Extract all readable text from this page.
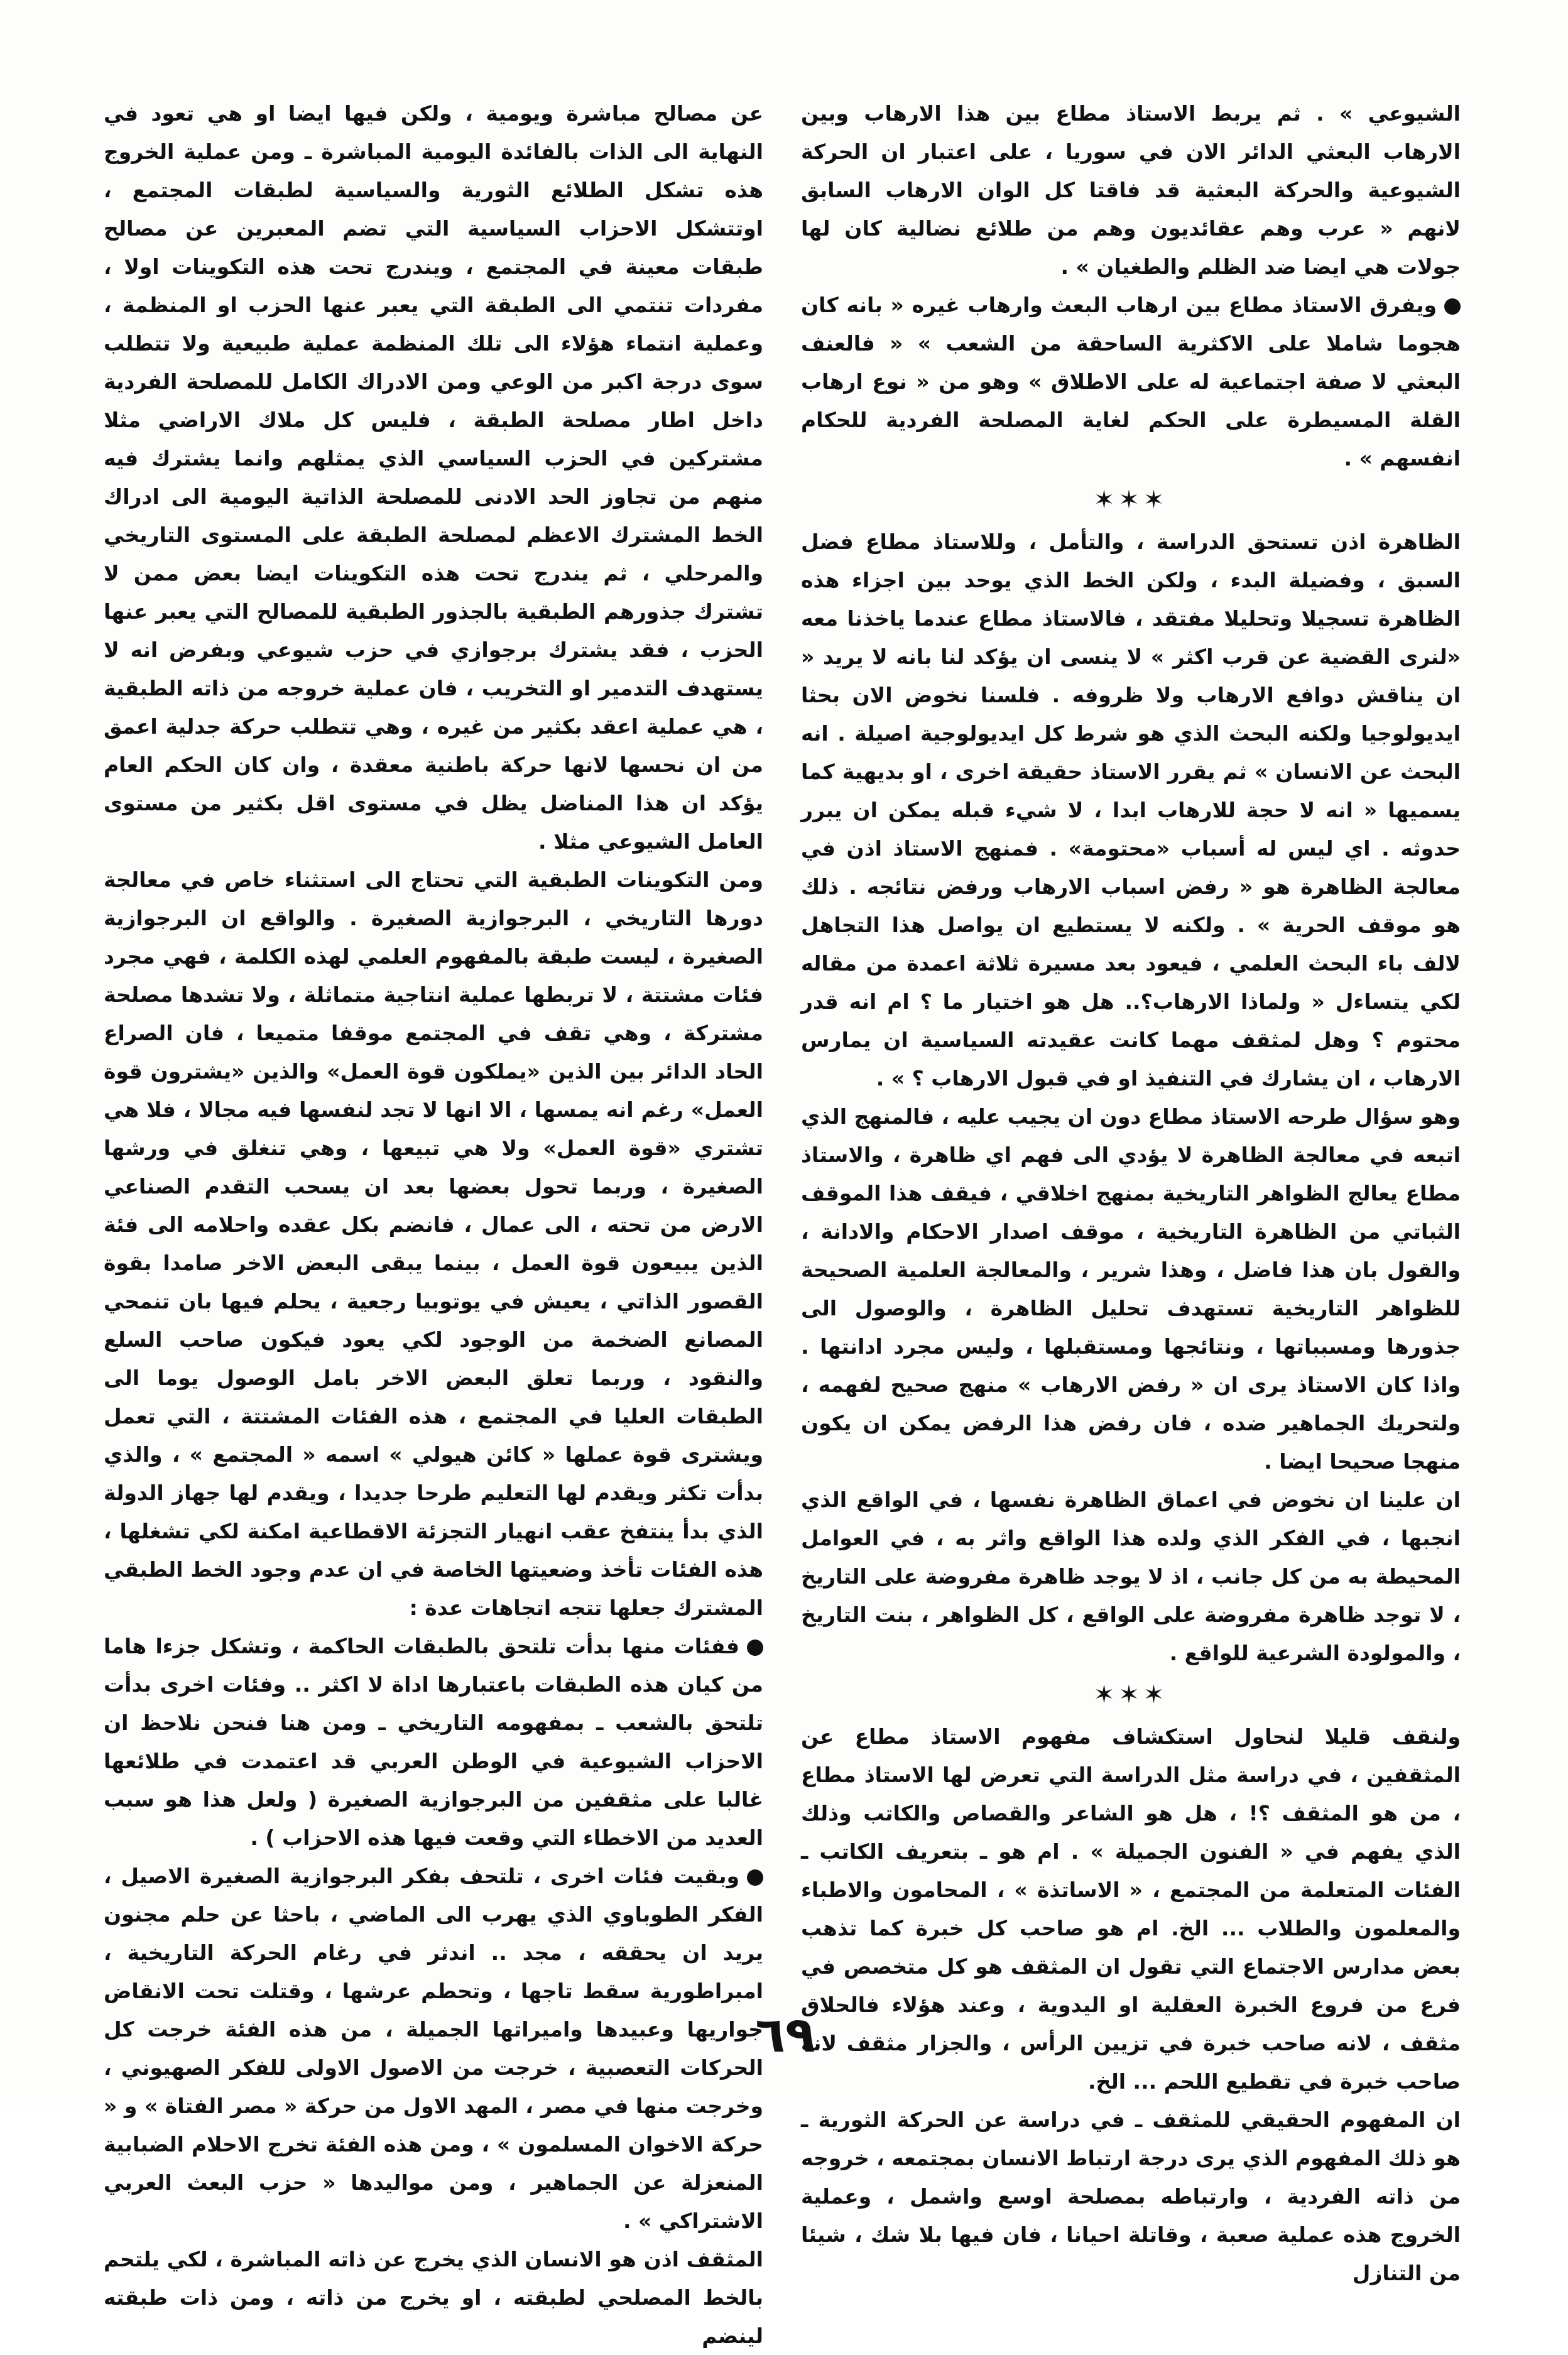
الشيوعي » . ثم يربط الاستاذ مطاع بين هذا الارهاب وبين الارهاب البعثي الدائر الان في سوريا ، على اعتبار ان الحركة الشيوعية والحركة البعثية قد فاقتا كل الوان الارهاب السابق لانهم « عرب وهم عقائديون وهم من طلائع نضالية كان لها جولات هي ايضا ضد الظلم والطغيان » .

ويفرق الاستاذ مطاع بين ارهاب البعث وارهاب غيره « بانه كان هجوما شاملا على الاكثرية الساحقة من الشعب » « فالعنف البعثي لا صفة اجتماعية له على الاطلاق » وهو من « نوع ارهاب القلة المسيطرة على الحكم لغاية المصلحة الفردية للحكام انفسهم » .

✶✶✶

الظاهرة اذن تستحق الدراسة ، والتأمل ، وللاستاذ مطاع فضل السبق ، وفضيلة البدء ، ولكن الخط الذي يوحد بين اجزاء هذه الظاهرة تسجيلا وتحليلا مفتقد ، فالاستاذ مطاع عندما ياخذنا معه «لنرى القضية عن قرب اكثر » لا ينسى ان يؤكد لنا بانه لا يريد « ان يناقش دوافع الارهاب ولا ظروفه . فلسنا نخوض الان بحثا ايديولوجيا ولكنه البحث الذي هو شرط كل ايديولوجية اصيلة . انه البحث عن الانسان » ثم يقرر الاستاذ حقيقة اخرى ، او بديهية كما يسميها « انه لا حجة للارهاب ابدا ، لا شيء قبله يمكن ان يبرر حدوثه . اي ليس له أسباب «محتومة» . فمنهج الاستاذ اذن في معالجة الظاهرة هو « رفض اسباب الارهاب ورفض نتائجه . ذلك هو موقف الحرية » . ولكنه لا يستطيع ان يواصل هذا التجاهل لالف باء البحث العلمي ، فيعود بعد مسيرة ثلاثة اعمدة من مقاله لكي يتساءل « ولماذا الارهاب؟.. هل هو اختيار ما ؟ ام انه قدر محتوم ؟ وهل لمثقف مهما كانت عقيدته السياسية ان يمارس الارهاب ، ان يشارك في التنفيذ او في قبول الارهاب ؟ » .

وهو سؤال طرحه الاستاذ مطاع دون ان يجيب عليه ، فالمنهج الذي اتبعه في معالجة الظاهرة لا يؤدي الى فهم اي ظاهرة ، والاستاذ مطاع يعالج الظواهر التاريخية بمنهج اخلاقي ، فيقف هذا الموقف الثباتي من الظاهرة التاريخية ، موقف اصدار الاحكام والادانة ، والقول بان هذا فاضل ، وهذا شرير ، والمعالجة العلمية الصحيحة للظواهر التاريخية تستهدف تحليل الظاهرة ، والوصول الى جذورها ومسبباتها ، ونتائجها ومستقبلها ، وليس مجرد ادانتها . واذا كان الاستاذ يرى ان « رفض الارهاب » منهج صحيح لفهمه ، ولتحريك الجماهير ضده ، فان رفض هذا الرفض يمكن ان يكون منهجا صحيحا ايضا .

ان علينا ان نخوض في اعماق الظاهرة نفسها ، في الواقع الذي انجبها ، في الفكر الذي ولده هذا الواقع واثر به ، في العوامل المحيطة به من كل جانب ، اذ لا يوجد ظاهرة مفروضة على التاريخ ، لا توجد ظاهرة مفروضة على الواقع ، كل الظواهر ، بنت التاريخ ، والمولودة الشرعية للواقع .

✶✶✶

ولنقف قليلا لنحاول استكشاف مفهوم الاستاذ مطاع عن المثقفين ، في دراسة مثل الدراسة التي تعرض لها الاستاذ مطاع ، من هو المثقف ؟! ، هل هو الشاعر والقصاص والكاتب وذلك الذي يفهم في « الفنون الجميلة » . ام هو ـ بتعريف الكاتب ـ الفئات المتعلمة من المجتمع ، « الاساتذة » ، المحامون والاطباء والمعلمون والطلاب ... الخ. ام هو صاحب كل خبرة كما تذهب بعض مدارس الاجتماع التي تقول ان المثقف هو كل متخصص في فرع من فروع الخبرة العقلية او اليدوية ، وعند هؤلاء فالحلاق مثقف ، لانه صاحب خبرة في تزيين الرأس ، والجزار مثقف لانه صاحب خبرة في تقطيع اللحم ... الخ.

ان المفهوم الحقيقي للمثقف ـ في دراسة عن الحركة الثورية ـ هو ذلك المفهوم الذي يرى درجة ارتباط الانسان بمجتمعه ، خروجه من ذاته الفردية ، وارتباطه بمصلحة اوسع واشمل ، وعملية الخروج هذه عملية صعبة ، وقاتلة احيانا ، فان فيها بلا شك ، شيئا من التنازل

عن مصالح مباشرة ويومية ، ولكن فيها ايضا او هي تعود في النهاية الى الذات بالفائدة اليومية المباشرة ـ ومن عملية الخروج هذه تشكل الطلائع الثورية والسياسية لطبقات المجتمع ، اوتتشكل الاحزاب السياسية التي تضم المعبرين عن مصالح طبقات معينة في المجتمع ، ويندرج تحت هذه التكوينات اولا ، مفردات تنتمي الى الطبقة التي يعبر عنها الحزب او المنظمة ، وعملية انتماء هؤلاء الى تلك المنظمة عملية طبيعية ولا تتطلب سوى درجة اكبر من الوعي ومن الادراك الكامل للمصلحة الفردية داخل اطار مصلحة الطبقة ، فليس كل ملاك الاراضي مثلا مشتركين في الحزب السياسي الذي يمثلهم وانما يشترك فيه منهم من تجاوز الحد الادنى للمصلحة الذاتية اليومية الى ادراك الخط المشترك الاعظم لمصلحة الطبقة على المستوى التاريخي والمرحلي ، ثم يندرج تحت هذه التكوينات ايضا بعض ممن لا تشترك جذورهم الطبقية بالجذور الطبقية للمصالح التي يعبر عنها الحزب ، فقد يشترك برجوازي في حزب شيوعي وبفرض انه لا يستهدف التدمير او التخريب ، فان عملية خروجه من ذاته الطبقية ، هي عملية اعقد بكثير من غيره ، وهي تتطلب حركة جدلية اعمق من ان نحسها لانها حركة باطنية معقدة ، وان كان الحكم العام يؤكد ان هذا المناضل يظل في مستوى اقل بكثير من مستوى العامل الشيوعي مثلا .

ومن التكوينات الطبقية التي تحتاج الى استثناء خاص في معالجة دورها التاريخي ، البرجوازية الصغيرة . والواقع ان البرجوازية الصغيرة ، ليست طبقة بالمفهوم العلمي لهذه الكلمة ، فهي مجرد فئات مشتتة ، لا تربطها عملية انتاجية متماثلة ، ولا تشدها مصلحة مشتركة ، وهي تقف في المجتمع موقفا متميعا ، فان الصراع الحاد الدائر بين الذين «يملكون قوة العمل» والذين «يشترون قوة العمل» رغم انه يمسها ، الا انها لا تجد لنفسها فيه مجالا ، فلا هي تشتري «قوة العمل» ولا هي تبيعها ، وهي تنغلق في ورشها الصغيرة ، وربما تحول بعضها بعد ان يسحب التقدم الصناعي الارض من تحته ، الى عمال ، فانضم بكل عقده واحلامه الى فئة الذين يبيعون قوة العمل ، بينما يبقى البعض الاخر صامدا بقوة القصور الذاتي ، يعيش في يوتوبيا رجعية ، يحلم فيها بان تنمحي المصانع الضخمة من الوجود لكي يعود فيكون صاحب السلع والنقود ، وربما تعلق البعض الاخر بامل الوصول يوما الى الطبقات العليا في المجتمع ، هذه الفئات المشتتة ، التي تعمل ويشترى قوة عملها « كائن هيولي » اسمه « المجتمع » ، والذي بدأت تكثر ويقدم لها التعليم طرحا جديدا ، ويقدم لها جهاز الدولة الذي بدأ ينتفخ عقب انهيار التجزئة الاقطاعية امكنة لكي تشغلها ، هذه الفئات تأخذ وضعيتها الخاصة في ان عدم وجود الخط الطبقي المشترك جعلها تتجه اتجاهات عدة :

ففئات منها بدأت تلتحق بالطبقات الحاكمة ، وتشكل جزءا هاما من كيان هذه الطبقات باعتبارها اداة لا اكثر .. وفئات اخرى بدأت تلتحق بالشعب ـ بمفهومه التاريخي ـ ومن هنا فنحن نلاحظ ان الاحزاب الشيوعية في الوطن العربي قد اعتمدت في طلائعها غالبا على مثقفين من البرجوازية الصغيرة ( ولعل هذا هو سبب العديد من الاخطاء التي وقعت فيها هذه الاحزاب ) .

وبقيت فئات اخرى ، تلتحف بفكر البرجوازية الصغيرة الاصيل ، الفكر الطوباوي الذي يهرب الى الماضي ، باحثا عن حلم مجنون يريد ان يحققه ، مجد .. اندثر في رغام الحركة التاريخية ، امبراطورية سقط تاجها ، وتحطم عرشها ، وقتلت تحت الانقاض جواريها وعبيدها واميراتها الجميلة ، من هذه الفئة خرجت كل الحركات التعصبية ، خرجت من الاصول الاولى للفكر الصهيوني ، وخرجت منها في مصر ، المهد الاول من حركة « مصر الفتاة » و « حركة الاخوان المسلمون » ، ومن هذه الفئة تخرج الاحلام الضبابية المنعزلة عن الجماهير ، ومن مواليدها « حزب البعث العربي الاشتراكي » .

المثقف اذن هو الانسان الذي يخرج عن ذاته المباشرة ، لكي يلتحم بالخط المصلحي لطبقته ، او يخرج من ذاته ، ومن ذات طبقته لينضم

٦٩
